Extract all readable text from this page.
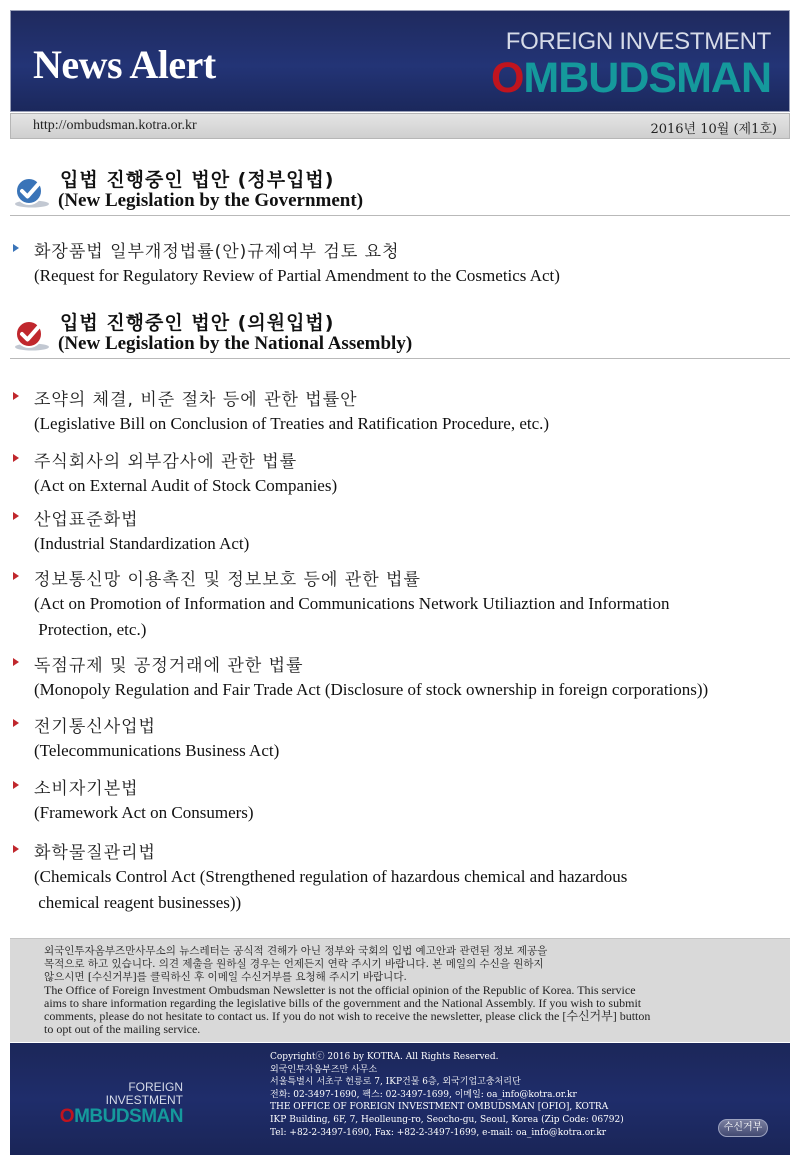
News Alert
FOREIGN INVESTMENT
OMBUDSMAN
http://ombudsman.kotra.or.kr	2016년 10월 (제1호)
입법 진행중인 법안 (정부입법)
(New Legislation by the Government)
화장품법 일부개정법률(안)규제여부 검토 요청
(Request for Regulatory Review of Partial Amendment to the Cosmetics Act)
입법 진행중인 법안 (의원입법)
(New Legislation by the National Assembly)
조약의 체결, 비준 절차 등에 관한 법률안
(Legislative Bill on Conclusion of Treaties and Ratification Procedure, etc.)
주식회사의 외부감사에 관한 법률
(Act on External Audit of Stock Companies)
산업표준화법
(Industrial Standardization Act)
정보통신망 이용촉진 및 정보보호 등에 관한 법률
(Act on Promotion of Information and Communications Network Utiliaztion and Information
Protection, etc.)
독점규제 및 공정거래에 관한 법률
(Monopoly Regulation and Fair Trade Act (Disclosure of stock ownership in foreign corporations))
전기통신사업법
(Telecommunications Business Act)
소비자기본법
(Framework Act on Consumers)
화학물질관리법
(Chemicals Control Act (Strengthened regulation of hazardous chemical and hazardous
chemical reagent businesses))

외국인투자옴부즈만사무소의 뉴스레터는 공식적 견해가 아닌 정부와 국회의 입법 예고안과 관련된 정보 제공을

목적으로 하고 있습니다. 의견 제출을 원하실 경우는 언제든지 연락 주시기 바랍니다. 본 메일의 수신을 원하지

않으시면 [수신거부]를 클릭하신 후 이메일 수신거부를 요청해 주시기 바랍니다.

The Office of Foreign Investment Ombudsman Newsletter is not the official opinion of the Republic of Korea. This service

aims to share information regarding the legislative bills of the government and the National Assembly. If you wish to submit

comments, please do not hesitate to contact us. If you do not wish to receive the newsletter, please click the [수신거부] button

to opt out of the mailing service.

FOREIGN INVESTMENT
OMBUDSMAN
Copyrightⓒ 2016 by KOTRA. All Rights Reserved.
외국인투자옴부즈만 사무소
서울특별시 서초구 헌릉로 7, IKP건물 6층, 외국기업고충처리단
전화: 02-3497-1690, 팩스: 02-3497-1699, 이메일: oa_info@kotra.or.kr
THE OFFICE OF FOREIGN INVESTMENT OMBUDSMAN [OFIO], KOTRA
IKP Building, 6F, 7, Heolleung-ro, Seocho-gu, Seoul, Korea (Zip Code: 06792)
Tel: +82-2-3497-1690, Fax: +82-2-3497-1699, e-mail: oa_info@kotra.or.kr	수신거부
